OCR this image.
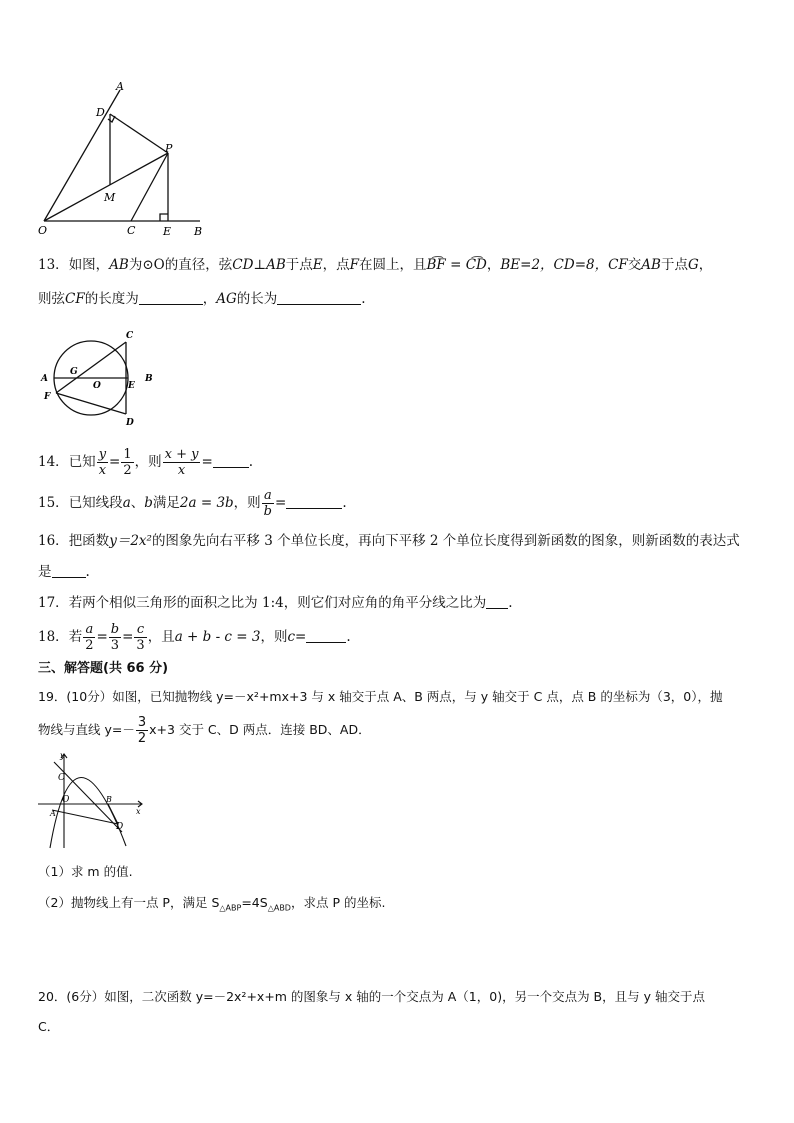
A
D
P
M
O	C	E B
13．如图，AB为⊙O的直径，弦CD⊥AB于点E，点F在圆上，且B͡F = C͡D，BE=2，CD=8，CF交AB于点G，
则弦CF的长度为	，AG的长为	.
C
A
G
O	E
B
F
D
14．已知 $\frac{y}{x} = \frac{1}{2}$ ，则 $\frac{x + y}{x}$ =	.
15．已知线段a、b满足2a = 3b，则 $\frac{a}{b}$ =	.
16．把函数y＝2x²的图象先向右平移 3 个单位长度，再向下平移 2 个单位长度得到新函数的图象，则新函数的表达式
是	.
17．若两个相似三角形的面积之比为 1:4，则它们对应角的角平分线之比为 .
18．若 $\frac{a}{2} = \frac{b}{3} = \frac{c}{3}$ ，且a + b - c = 3，则c=	.
三、解答题(共 66 分)
19．(10分）如图，已知抛物线 y=－x²+mx+3 与 x 轴交于点 A、B 两点，与 y 轴交于 C 点，点 B 的坐标为（3，0），抛
物线与直线 $y=- \frac{3}{2} x+3$ 交于 C、D 两点．连接 BD、AD．
y
C
O	B
A
D
x
（1）求 m 的值.
（2）抛物线上有一点 P，满足 $S_{\triangle ABP}=4S_{\triangle ABD}$，求点 P 的坐标.
20．(6分）如图，二次函数 y=－2x²+x+m 的图象与 x 轴的一个交点为 A（1，0)，另一个交点为 B，且与 y 轴交于点
C．
